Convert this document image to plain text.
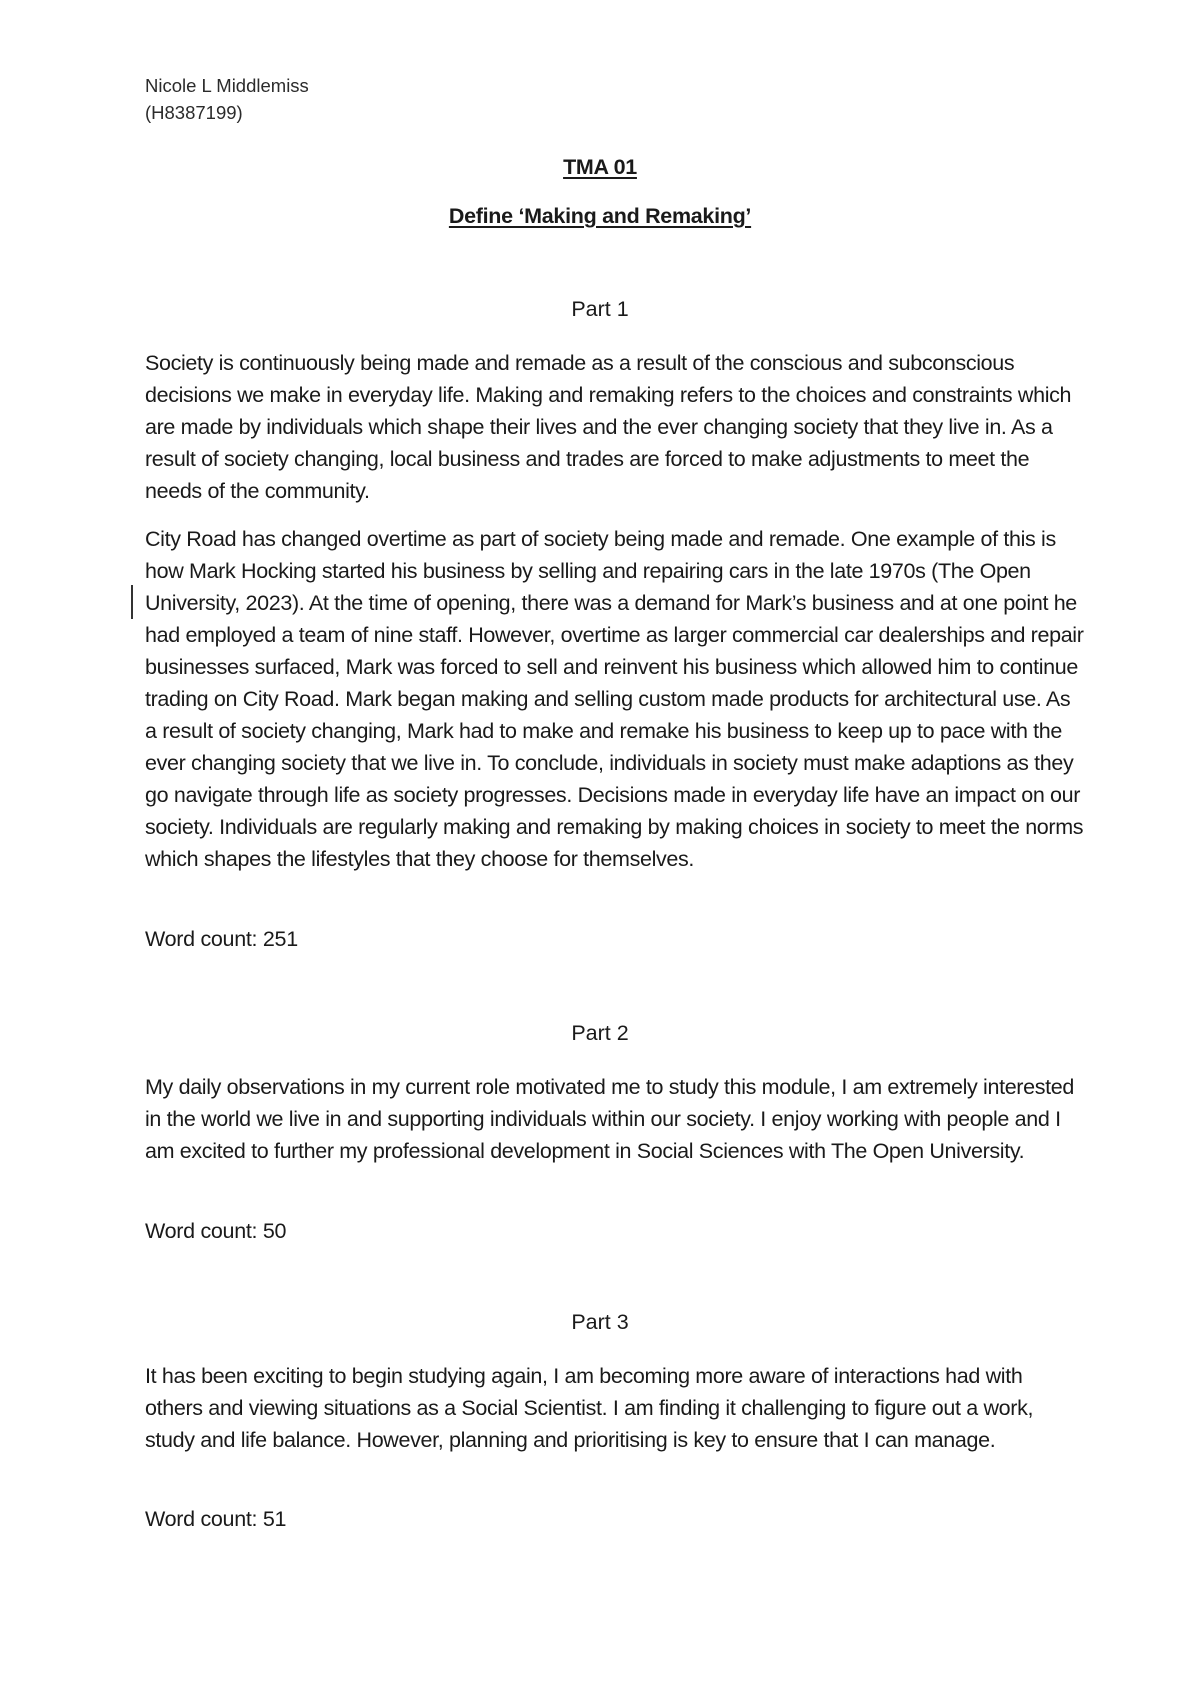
Nicole L Middlemiss
(H8387199)
TMA 01
Define ‘Making and Remaking’
Part 1

Society is continuously being made and remade as a result of the conscious and subconscious decisions we make in everyday life. Making and remaking refers to the choices and constraints which are made by individuals which shape their lives and the ever changing society that they live in. As a result of society changing, local business and trades are forced to make adjustments to meet the needs of the community.

City Road has changed overtime as part of society being made and remade. One example of this is how Mark Hocking started his business by selling and repairing cars in the late 1970s (The Open University, 2023). At the time of opening, there was a demand for Mark’s business and at one point he had employed a team of nine staff. However, overtime as larger commercial car dealerships and repair businesses surfaced, Mark was forced to sell and reinvent his business which allowed him to continue trading on City Road. Mark began making and selling custom made products for architectural use. As a result of society changing, Mark had to make and remake his business to keep up to pace with the ever changing society that we live in. To conclude, individuals in society must make adaptions as they go navigate through life as society progresses. Decisions made in everyday life have an impact on our society. Individuals are regularly making and remaking by making choices in society to meet the norms which shapes the lifestyles that they choose for themselves.

Word count: 251
Part 2

My daily observations in my current role motivated me to study this module, I am extremely interested in the world we live in and supporting individuals within our society. I enjoy working with people and I am excited to further my professional development in Social Sciences with The Open University.

Word count: 50
Part 3

It has been exciting to begin studying again, I am becoming more aware of interactions had with others and viewing situations as a Social Scientist. I am finding it challenging to figure out a work, study and life balance. However, planning and prioritising is key to ensure that I can manage.

Word count: 51
